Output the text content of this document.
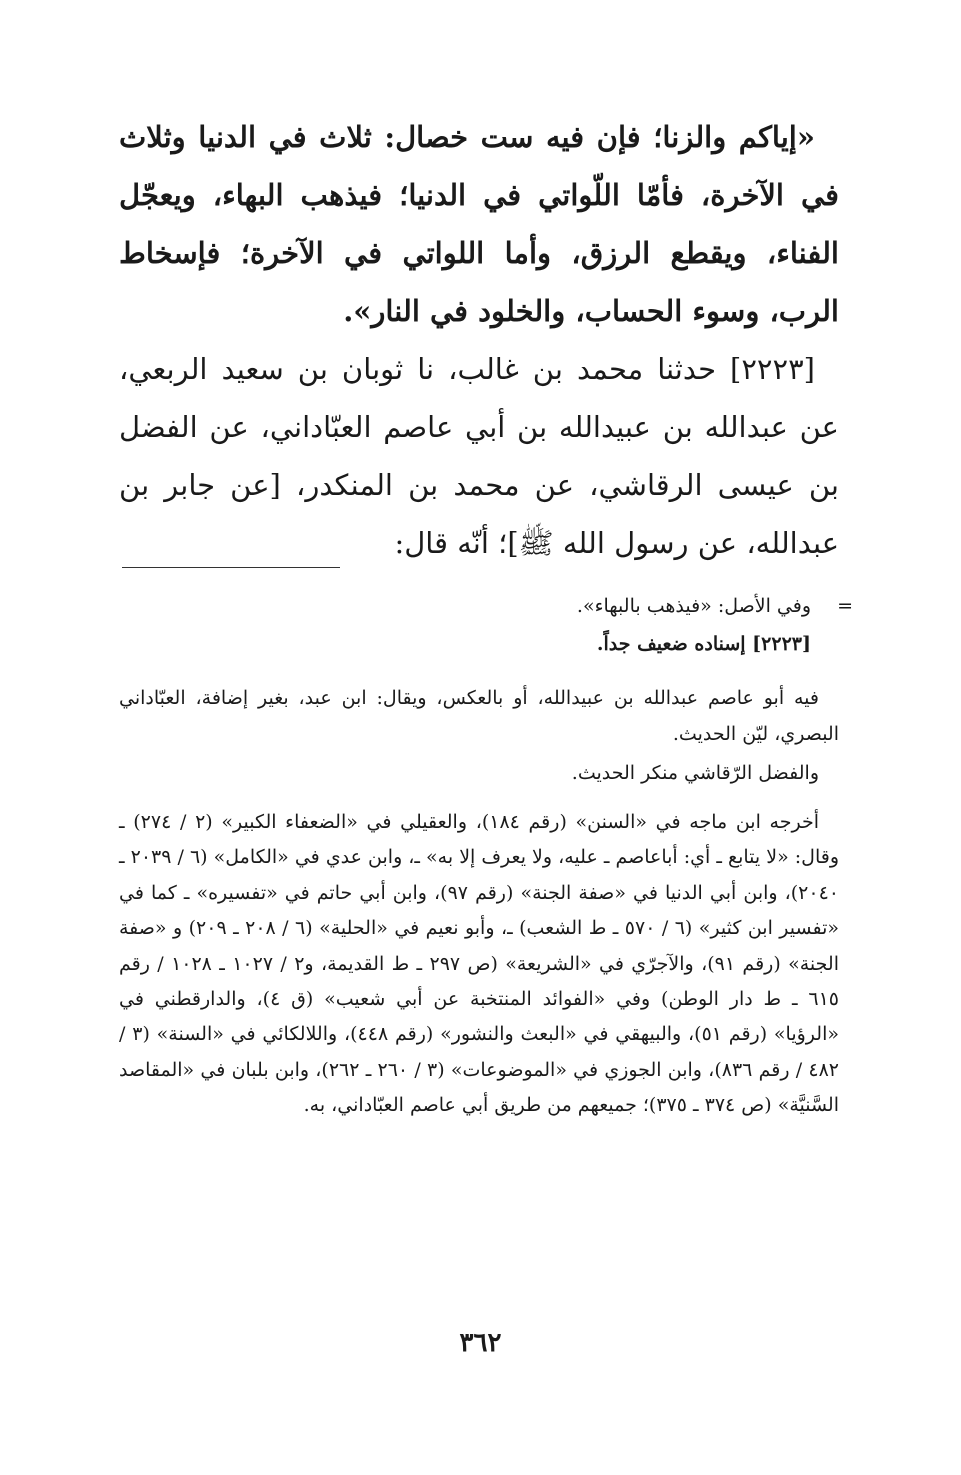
«إياكم والزنا؛ فإن فيه ست خصال: ثلاث في الدنيا وثلاث في الآخرة، فأمّا اللّواتي في الدنيا؛ فيذهب البهاء، ويعجّل الفناء، ويقطع الرزق، وأما اللواتي في الآخرة؛ فإسخاط الرب، وسوء الحساب، والخلود في النار».

[٢٢٢٣] حدثنا محمد بن غالب، نا ثوبان بن سعيد الربعي، عن عبدالله بن عبيدالله بن أبي عاصم العبّاداني، عن الفضل بن عيسى الرقاشي، عن محمد بن المنكدر، [عن جابر بن عبدالله، عن رسول الله ﷺ]؛ أنّه قال:

=

وفي الأصل: «فيذهب بالبهاء».

[٢٢٢٣] إسناده ضعيف جداً.

فيه أبو عاصم عبدالله بن عبيدالله، أو بالعكس، ويقال: ابن عبد، بغير إضافة، العبّاداني البصري، ليّن الحديث.

والفضل الرّقاشي منكر الحديث.

أخرجه ابن ماجه في «السنن» (رقم ١٨٤)، والعقيلي في «الضعفاء الكبير» (٢ / ٢٧٤) ـ وقال: «لا يتابع ـ أي: أباعاصم ـ عليه، ولا يعرف إلا به» ـ، وابن عدي في «الكامل» (٦ / ٢٠٣٩ ـ ٢٠٤٠)، وابن أبي الدنيا في «صفة الجنة» (رقم ٩٧)، وابن أبي حاتم في «تفسيره» ـ كما في «تفسير ابن كثير» (٦ / ٥٧٠ ـ ط الشعب) ـ، وأبو نعيم في «الحلية» (٦ / ٢٠٨ ـ ٢٠٩) و «صفة الجنة» (رقم ٩١)، والآجرّي في «الشريعة» (ص ٢٩٧ ـ ط القديمة، و٢ / ١٠٢٧ ـ ١٠٢٨ / رقم ٦١٥ ـ ط دار الوطن) وفي «الفوائد المنتخبة عن أبي شعيب» (ق ٤)، والدارقطني في «الرؤيا» (رقم ٥١)، والبيهقي في «البعث والنشور» (رقم ٤٤٨)، واللالكائي في «السنة» (٣ / ٤٨٢ / رقم ٨٣٦)، وابن الجوزي في «الموضوعات» (٣ / ٢٦٠ ـ ٢٦٢)، وابن بلبان في «المقاصد السَّنيَّة» (ص ٣٧٤ ـ ٣٧٥)؛ جميعهم من طريق أبي عاصم العبّاداني، به.

٣٦٢
